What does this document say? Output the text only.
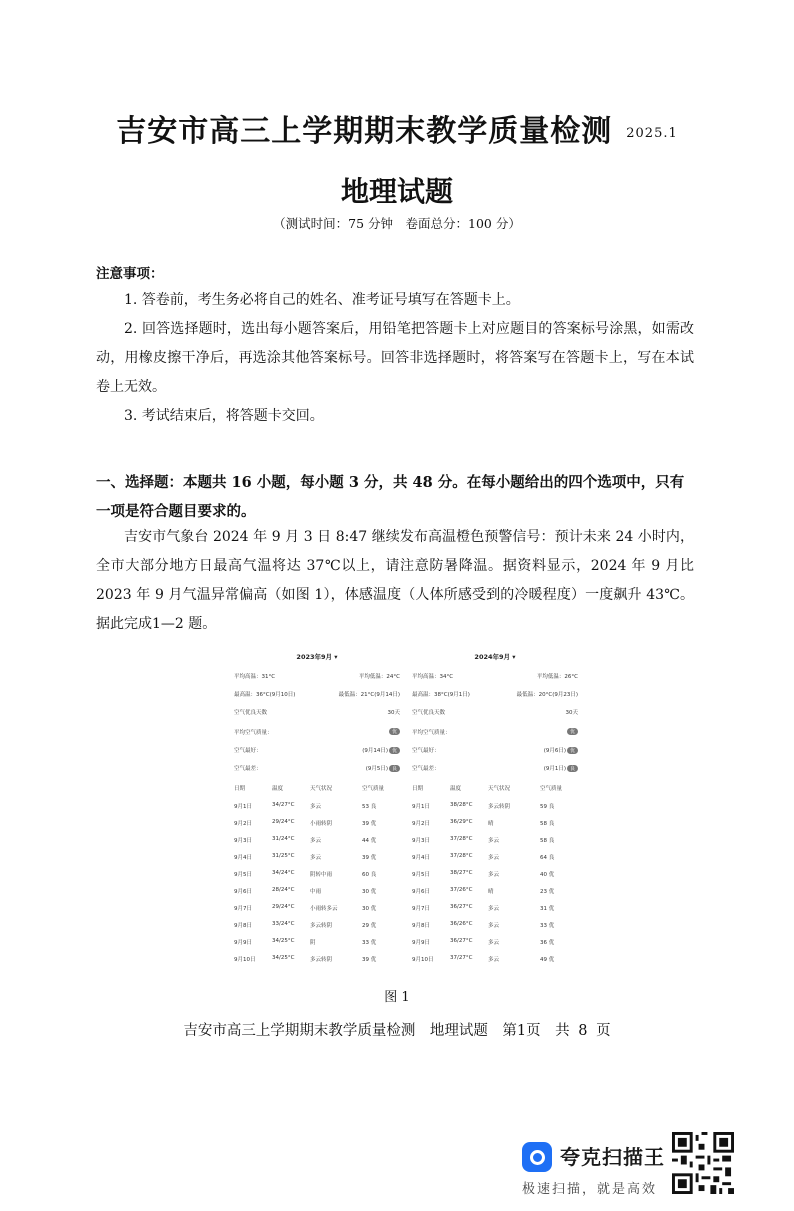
吉安市高三上学期期末教学质量检测 2025.1
地理试题
（测试时间：75 分钟　卷面总分：100 分）
注意事项：
1. 答卷前，考生务必将自己的姓名、准考证号填写在答题卡上。
2. 回答选择题时，选出每小题答案后，用铅笔把答题卡上对应题目的答案标号涂黑，如需改动，用橡皮擦干净后，再选涂其他答案标号。回答非选择题时，将答案写在答题卡上，写在本试卷上无效。
3. 考试结束后，将答题卡交回。
一、选择题：本题共 16 小题，每小题 3 分，共 48 分。在每小题给出的四个选项中，只有一项是符合题目要求的。
吉安市气象台 2024 年 9 月 3 日 8:47 继续发布高温橙色预警信号：预计未来 24 小时内，全市大部分地方日最高气温将达 37℃以上，请注意防暑降温。据资料显示，2024 年 9 月比 2023 年 9 月气温异常偏高（如图 1），体感温度（人体所感受到的冷暖程度）一度飙升 43℃。据此完成1—2 题。
2023年9月 ▾
平均高温：31°C	平均低温：24°C
最高温：36°C(9月10日)	最低温：21°C(9月14日)
空气优良天数	30天
平均空气质量：	优
空气最好：	(9月14日) 优
空气最差：	(9月5日) 良
日期	温度	天气状况	空气质量
9月1日	34/27°C	多云	53 良
9月2日	29/24°C	小雨转阴	39 优
9月3日	31/24°C	多云	44 优
9月4日	31/25°C	多云	39 优
9月5日	34/24°C	阴转中雨	60 良
9月6日	28/24°C	中雨	30 优
9月7日	29/24°C	小雨转多云	30 优
9月8日	33/24°C	多云转阴	29 优
9月9日	34/25°C	阴	33 优
9月10日	34/25°C	多云转阴	39 优
2024年9月 ▾
平均高温：34°C	平均低温：26°C
最高温：38°C(9月1日)	最低温：20°C(9月23日)
空气优良天数	30天
平均空气质量：	优
空气最好：	(9月6日) 优
空气最差：	(9月1日) 良
日期	温度	天气状况	空气质量
9月1日	38/28°C	多云转阴	59 良
9月2日	36/29°C	晴	58 良
9月3日	37/28°C	多云	58 良
9月4日	37/28°C	多云	64 良
9月5日	38/27°C	多云	40 优
9月6日	37/26°C	晴	23 优
9月7日	36/27°C	多云	31 优
9月8日	36/26°C	多云	33 优
9月9日	36/27°C	多云	36 优
9月10日	37/27°C	多云	49 优
图 1
吉安市高三上学期期末教学质量检测　地理试题　第1页　共 8 页
夸克扫描王
极速扫描，就是高效
